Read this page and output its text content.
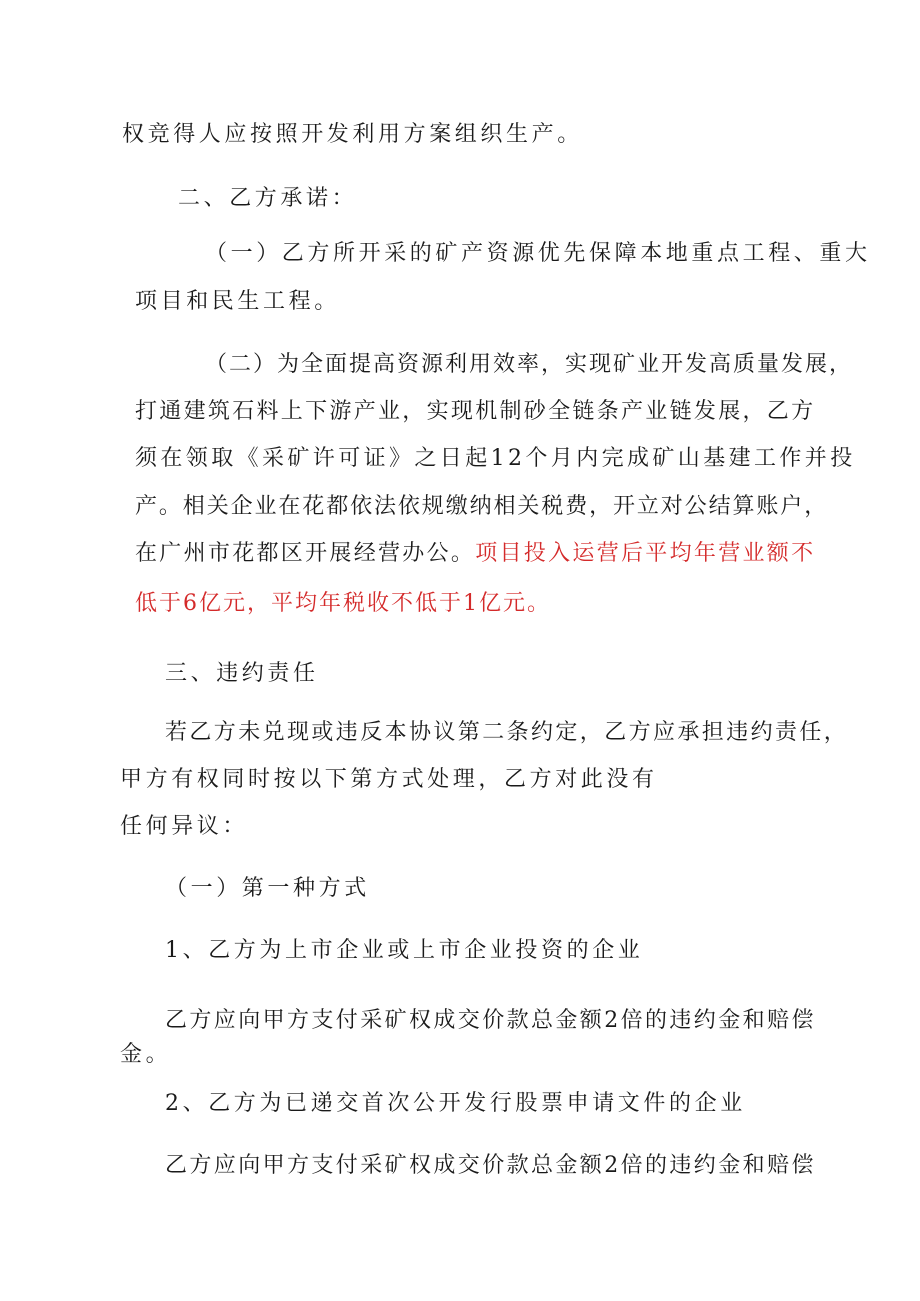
权竞得人应按照开发利用方案组织生产。
二、乙方承诺：
（一）乙方所开采的矿产资源优先保障本地重点工程、重大
项目和民生工程。
（二）为全面提高资源利用效率，实现矿业开发高质量发展，
打通建筑石料上下游产业，实现机制砂全链条产业链发展，乙方
须在领取《采矿许可证》之日起12个月内完成矿山基建工作并投
产。相关企业在花都依法依规缴纳相关税费，开立对公结算账户，
在广州市花都区开展经营办公。项目投入运营后平均年营业额不
低于6亿元，平均年税收不低于1亿元。
三、违约责任
若乙方未兑现或违反本协议第二条约定，乙方应承担违约责任，
甲方有权同时按以下第方式处理，乙方对此没有
任何异议：
（一）第一种方式
1、乙方为上市企业或上市企业投资的企业
乙方应向甲方支付采矿权成交价款总金额2倍的违约金和赔偿
金。
2、乙方为已递交首次公开发行股票申请文件的企业
乙方应向甲方支付采矿权成交价款总金额2倍的违约金和赔偿
